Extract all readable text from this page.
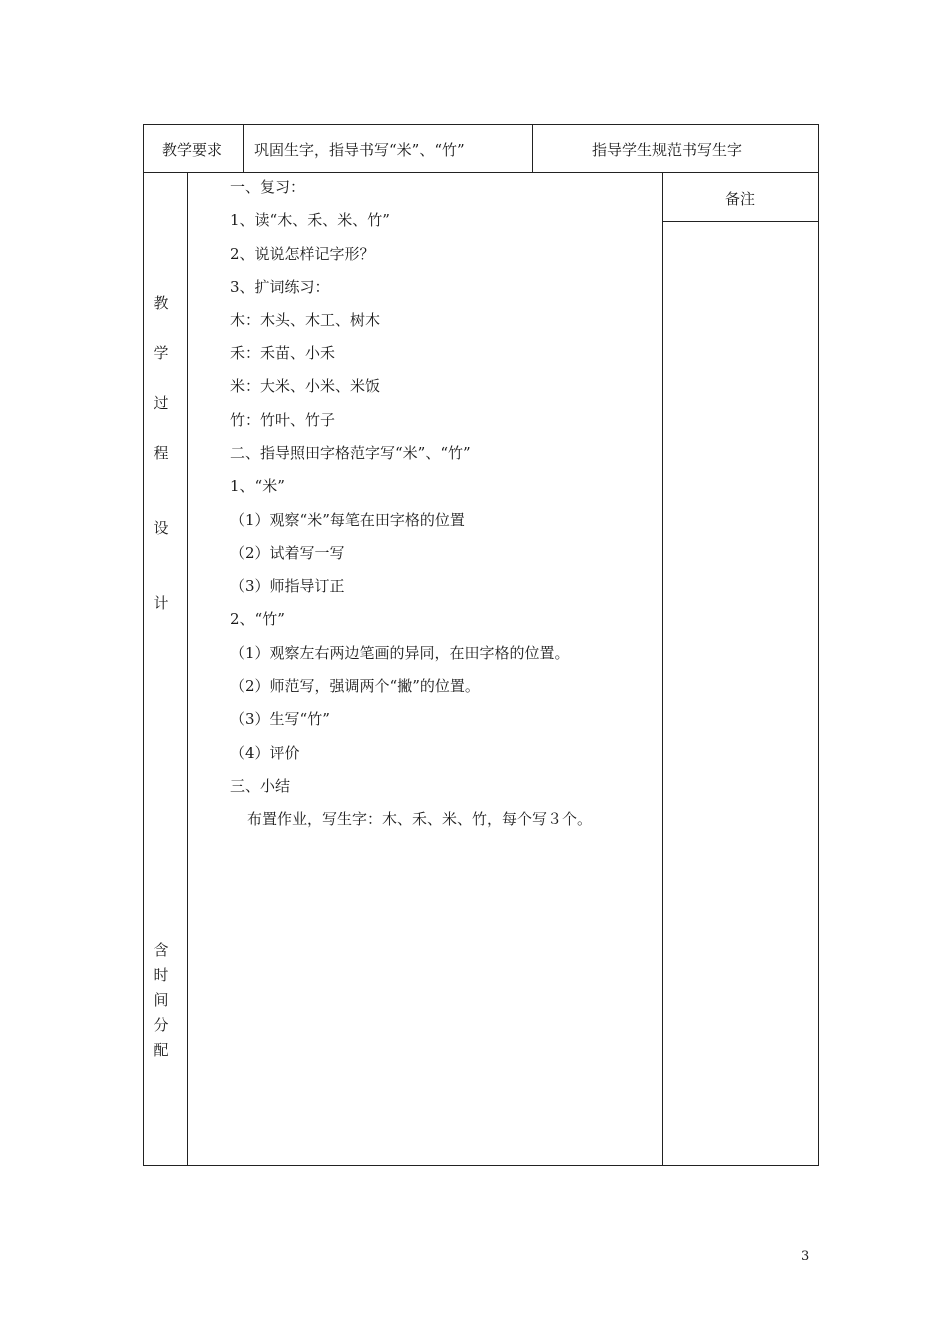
教学要求 巩固生字，指导书写“米”、“竹”	指导学生规范书写生字
教
学
过
程
设
计
含
时
间
分
配
备注
一、复习：
1、读“木、禾、米、竹”
2、说说怎样记字形？
3、扩词练习：
木：木头、木工、树木
禾：禾苗、小禾
米：大米、小米、米饭
竹：竹叶、竹子
二、指导照田字格范字写“米”、“竹”
1、“米”
（1）观察“米”每笔在田字格的位置
（2）试着写一写
（3）师指导订正
2、“竹”
（1）观察左右两边笔画的异同，在田字格的位置。
（2）师范写，强调两个“撇”的位置。
（3）生写“竹”
（4）评价
三、小结
布置作业，写生字：木、禾、米、竹，每个写３个。
3
